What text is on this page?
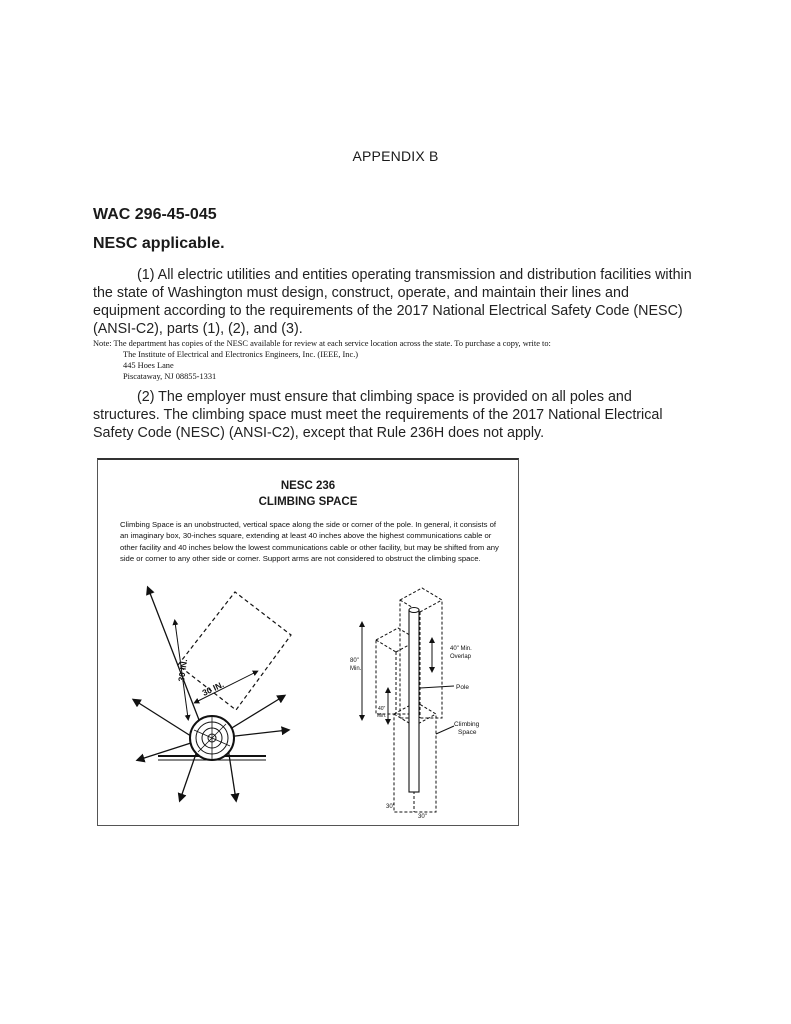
APPENDIX B
WAC 296-45-045
NESC applicable.
(1) All electric utilities and entities operating transmission and distribution facilities within the state of Washington must design, construct, operate, and maintain their lines and equipment according to the requirements of the 2017 National Electrical Safety Code (NESC) (ANSI-C2), parts (1), (2), and (3).
Note: The department has copies of the NESC available for review at each service location across the state. To purchase a copy, write to:
The Institute of Electrical and Electronics Engineers, Inc. (IEEE, Inc.)
445 Hoes Lane
Piscataway, NJ 08855-1331
(2) The employer must ensure that climbing space is provided on all poles and structures. The climbing space must meet the requirements of the 2017 National Electrical Safety Code (NESC) (ANSI-C2), except that Rule 236H does not apply.
NESC 236
CLIMBING SPACE
Climbing Space is an unobstructed, vertical space along the side or corner of the pole. In general, it consists of an imaginary box, 30-inches square, extending at least 40 inches above the highest communications cable or other facility and 40 inches below the lowest communications cable or other facility, but may be shifted from any side or corner to any other side or corner. Support arms are not considered to obstruct the climbing space.
30 IN.
30 IN.
80"
Min.
40"
Min.
40" Min.
Overlap
Pole
Climbing
Space
30"
30"
